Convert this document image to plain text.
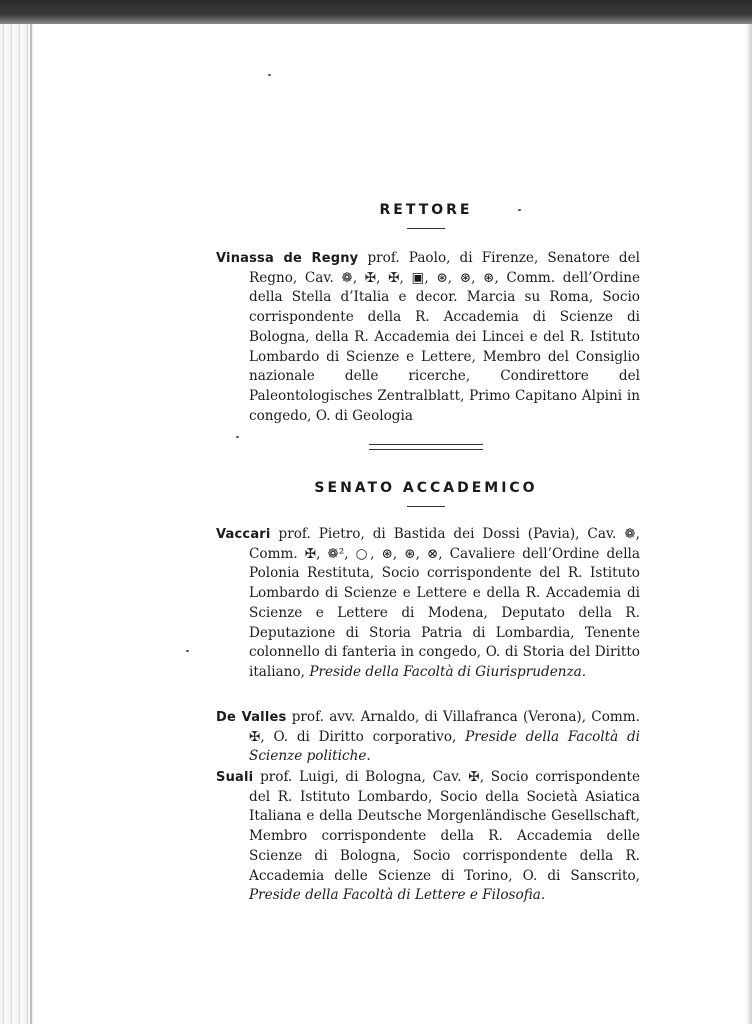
RETTORE
Vinassa de Regny prof. Paolo, di Firenze, Senatore del Regno, Cav. ❁, ✠, ✠, ▣, ⊛, ⊛, ⊛, Comm. dell’Ordine della Stella d’Italia e decor. Marcia su Roma, Socio corrispondente della R. Accademia di Scienze di Bologna, della R. Accademia dei Lincei e del R. Istituto Lombardo di Scienze e Lettere, Membro del Consiglio nazionale delle ricerche, Condirettore del Paleontologisches Zentralblatt, Primo Capitano Alpini in congedo, O. di Geologia
SENATO ACCADEMICO
Vaccari prof. Pietro, di Bastida dei Dossi (Pavia), Cav. ❁, Comm. ✠, ❁², ○, ⊛, ⊛, ⊗, Cavaliere dell’Ordine della Polonia Restituta, Socio corrispondente del R. Istituto Lombardo di Scienze e Lettere e della R. Accademia di Scienze e Lettere di Modena, Deputato della R. Deputazione di Storia Patria di Lombardia, Tenente colonnello di fanteria in congedo, O. di Storia del Diritto italiano, Preside della Facoltà di Giurisprudenza.
De Valles prof. avv. Arnaldo, di Villafranca (Verona), Comm. ✠, O. di Diritto corporativo, Preside della Facoltà di Scienze politiche.
Suali prof. Luigi, di Bologna, Cav. ✠, Socio corrispondente del R. Istituto Lombardo, Socio della Società Asiatica Italiana e della Deutsche Morgenländische Gesellschaft, Membro corrispondente della R. Accademia delle Scienze di Bologna, Socio corrispondente della R. Accademia delle Scienze di Torino, O. di Sanscrito, Preside della Facoltà di Lettere e Filosofia.
